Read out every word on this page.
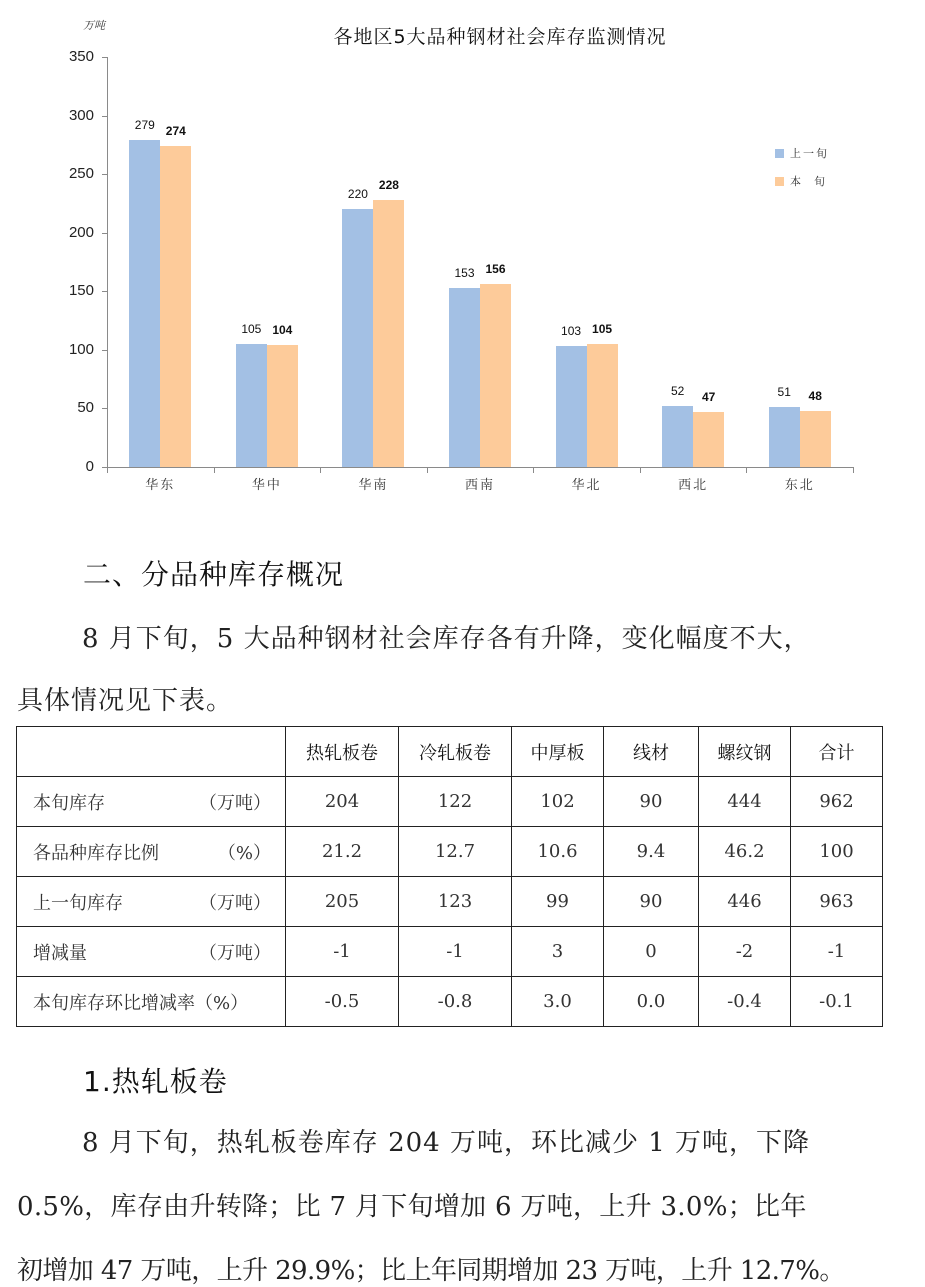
各地区5大品种钢材社会库存监测情况
万吨
0
50
100
150
200
250
300
350
华东	华中	华南	西南	华北	西北	东北
279 274
105 104
220
228
153 156
103 105
52	47	51	48
上一旬
本  旬
二、分品种库存概况
8 月下旬，5 大品种钢材社会库存各有升降，变化幅度不大，
具体情况见下表。
	热轧板卷	冷轧板卷	中厚板	线材	螺纹钢	合计
本旬库存 （万吨）	204	122	102	90	444	962
各品种库存比例 （%）	21.2	12.7	10.6	9.4	46.2	100
上一旬库存 （万吨）	205	123	99	90	446	963
增减量 （万吨）	-1	-1	3	0	-2	-1
本旬库存环比增减率（%）	-0.5	-0.8	3.0	0.0	-0.4	-0.1
1.热轧板卷
8 月下旬，热轧板卷库存 204 万吨，环比减少 1 万吨，下降
0.5%，库存由升转降；比 7 月下旬增加 6 万吨，上升 3.0%；比年
初增加 47 万吨，上升 29.9%；比上年同期增加 23 万吨，上升 12.7%。
